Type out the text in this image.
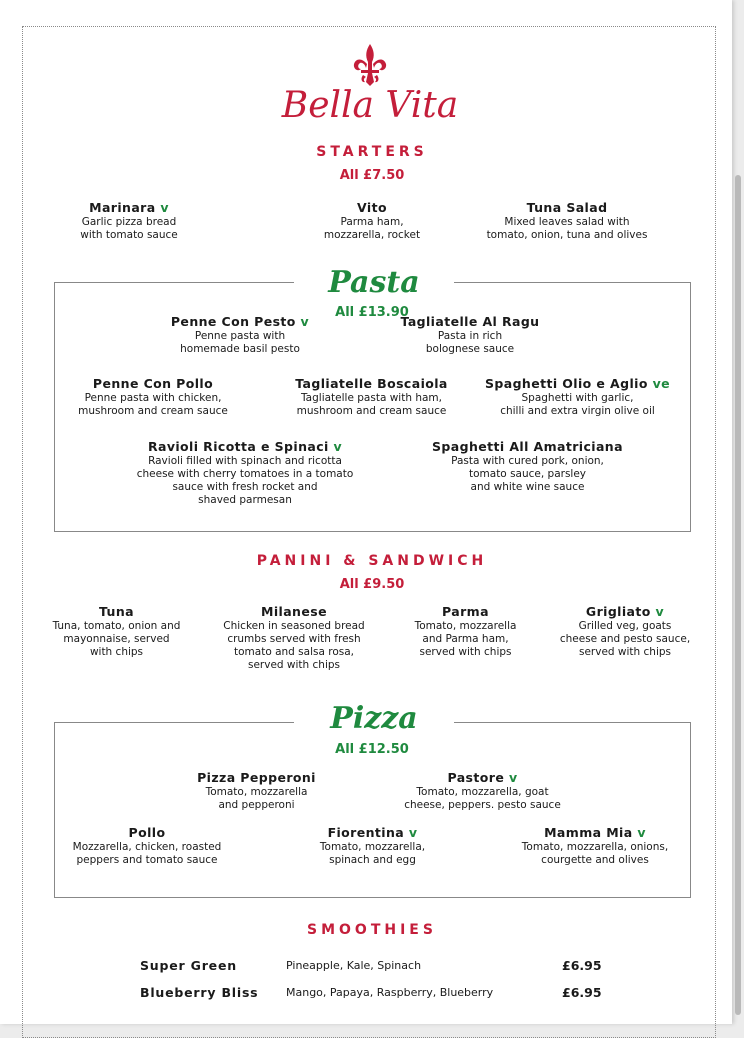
Bella Vita
STARTERS
All £7.50
Marinara v
Garlic pizza bread
with tomato sauce
Vito
Parma ham,
mozzarella, rocket
Tuna Salad
Mixed leaves salad with
tomato, onion, tuna and olives
Pasta
All £13.90
Penne Con Pesto v
Penne pasta with
homemade basil pesto
Tagliatelle Al Ragu
Pasta in rich
bolognese sauce
Penne Con Pollo
Penne pasta with chicken,
mushroom and cream sauce
Tagliatelle Boscaiola
Tagliatelle pasta with ham,
mushroom and cream sauce
Spaghetti Olio e Aglio ve
Spaghetti with garlic,
chilli and extra virgin olive oil
Ravioli Ricotta e Spinaci v
Ravioli filled with spinach and ricotta
cheese with cherry tomatoes in a tomato
sauce with fresh rocket and
shaved parmesan
Spaghetti All Amatriciana
Pasta with cured pork, onion,
tomato sauce, parsley
and white wine sauce
PANINI & SANDWICH
All £9.50
Tuna
Tuna, tomato, onion and
mayonnaise, served
with chips
Milanese
Chicken in seasoned bread
crumbs served with fresh
tomato and salsa rosa,
served with chips
Parma
Tomato, mozzarella
and Parma ham,
served with chips
Grigliato v
Grilled veg, goats
cheese and pesto sauce,
served with chips
Pizza
All £12.50
Pizza Pepperoni
Tomato, mozzarella
and pepperoni
Pastore v
Tomato, mozzarella, goat
cheese, peppers. pesto sauce
Pollo
Mozzarella, chicken, roasted
peppers and tomato sauce
Fiorentina v
Tomato, mozzarella,
spinach and egg
Mamma Mia v
Tomato, mozzarella, onions,
courgette and olives
SMOOTHIES
Super Green	Pineapple, Kale, Spinach	£6.95
Blueberry Bliss	Mango, Papaya, Raspberry, Blueberry	£6.95
